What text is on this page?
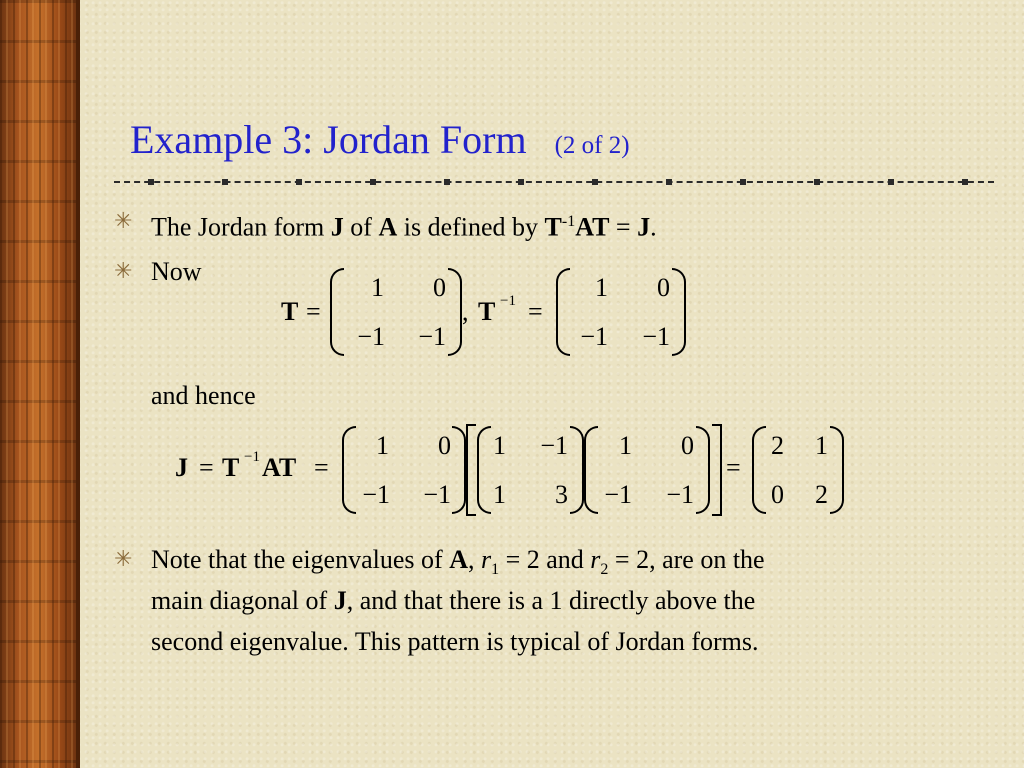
Example 3: Jordan Form (2 of 2)
✳ The Jordan form J of A is defined by $T^{-1}AT = J$.
✳ Now
T =
1	0
−1	−1
, T −1 =
1	0
−1	−1
and hence
J = T −1 AT =
1	0
−1	−1
1	−1
1	3
1	0
−1	−1
=
2 1
0 2
✳ Note that the eigenvalues of A, $r_1 = 2$ and $r_2 = 2$, are on the
main diagonal of J, and that there is a 1 directly above the
second eigenvalue. This pattern is typical of Jordan forms.
